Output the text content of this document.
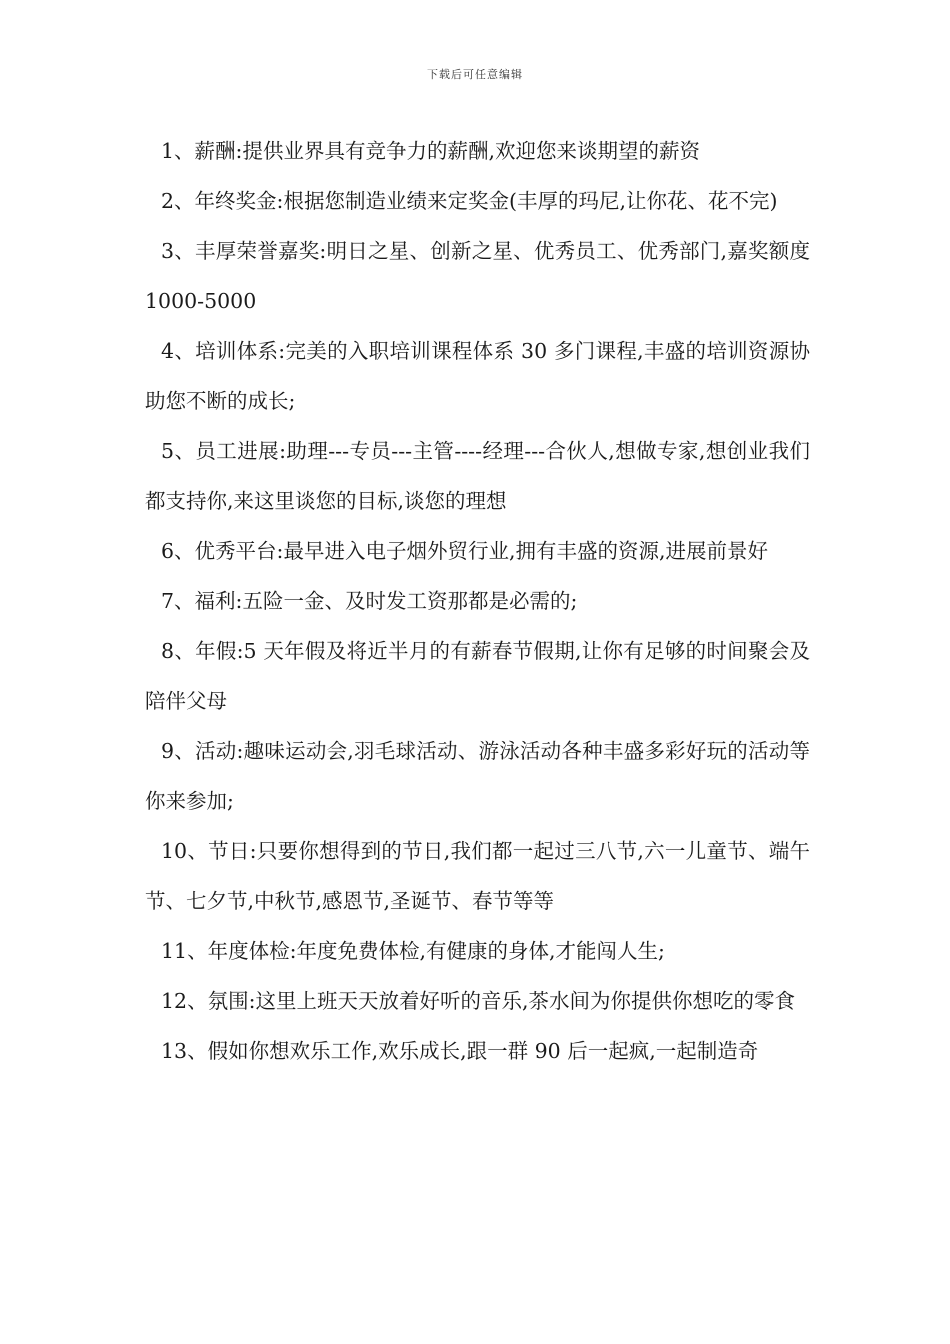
下载后可任意编辑

1、薪酬:提供业界具有竞争力的薪酬,欢迎您来谈期望的薪资

2、年终奖金:根据您制造业绩来定奖金(丰厚的玛尼,让你花、花不完)

3、丰厚荣誉嘉奖:明日之星、创新之星、优秀员工、优秀部门,嘉奖额度 1000-5000

4、培训体系:完美的入职培训课程体系 30 多门课程,丰盛的培训资源协助您不断的成长;

5、员工进展:助理---专员---主管----经理---合伙人,想做专家,想创业我们都支持你,来这里谈您的目标,谈您的理想

6、优秀平台:最早进入电子烟外贸行业,拥有丰盛的资源,进展前景好

7、福利:五险一金、及时发工资那都是必需的;

8、年假:5 天年假及将近半月的有薪春节假期,让你有足够的时间聚会及陪伴父母

9、活动:趣味运动会,羽毛球活动、游泳活动各种丰盛多彩好玩的活动等你来参加;

10、节日:只要你想得到的节日,我们都一起过三八节,六一儿童节、端午节、七夕节,中秋节,感恩节,圣诞节、春节等等

11、年度体检:年度免费体检,有健康的身体,才能闯人生;

12、氛围:这里上班天天放着好听的音乐,茶水间为你提供你想吃的零食

13、假如你想欢乐工作,欢乐成长,跟一群 90 后一起疯,一起制造奇
